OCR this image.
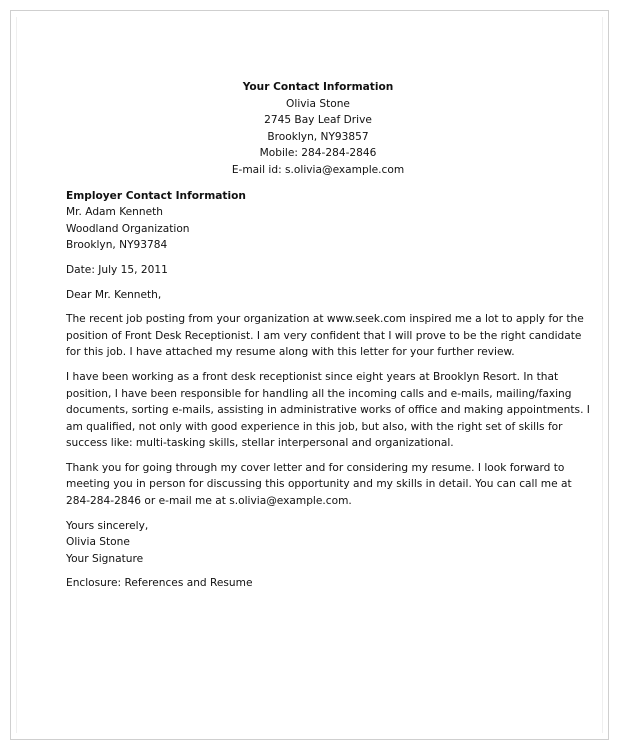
Your Contact Information
Olivia Stone
2745 Bay Leaf Drive
Brooklyn, NY93857
Mobile: 284-284-2846
E-mail id: s.olivia@example.com
Employer Contact Information
Mr. Adam Kenneth
Woodland Organization
Brooklyn, NY93784
Date: July 15, 2011
Dear Mr. Kenneth,
The recent job posting from your organization at www.seek.com inspired me a lot to apply for the
position of Front Desk Receptionist. I am very confident that I will prove to be the right candidate
for this job. I have attached my resume along with this letter for your further review.
I have been working as a front desk receptionist since eight years at Brooklyn Resort. In that
position, I have been responsible for handling all the incoming calls and e-mails, mailing/faxing
documents, sorting e-mails, assisting in administrative works of office and making appointments. I
am qualified, not only with good experience in this job, but also, with the right set of skills for
success like: multi-tasking skills, stellar interpersonal and organizational.
Thank you for going through my cover letter and for considering my resume. I look forward to
meeting you in person for discussing this opportunity and my skills in detail. You can call me at
284-284-2846 or e-mail me at s.olivia@example.com.
Yours sincerely,
Olivia Stone
Your Signature
Enclosure: References and Resume
